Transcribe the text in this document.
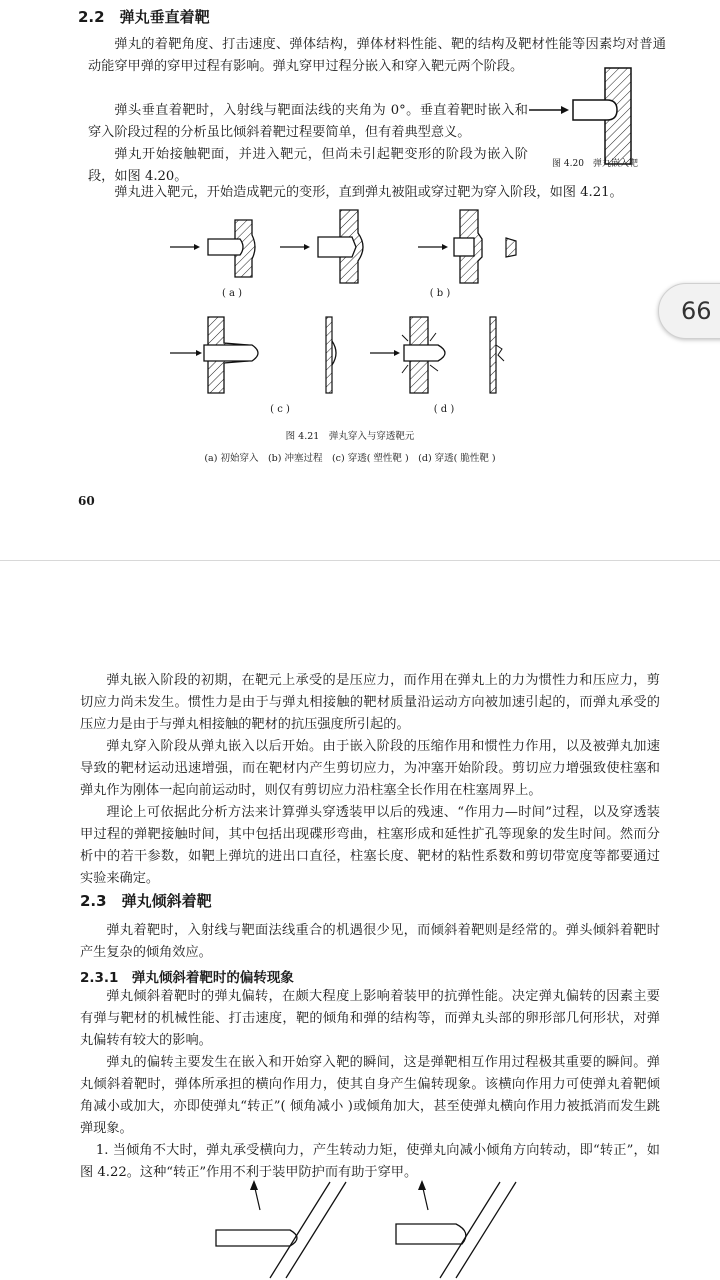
2.2　弹丸垂直着靶

弹丸的着靶角度、打击速度、弹体结构，弹体材料性能、靶的结构及靶材性能等因素均对普通动能穿甲弹的穿甲过程有影响。弹丸穿甲过程分嵌入和穿入靶元两个阶段。

弹头垂直着靶时，入射线与靶面法线的夹角为 0°。垂直着靶时嵌入和穿入阶段过程的分析虽比倾斜着靶过程要简单，但有着典型意义。

弹丸开始接触靶面，并进入靶元，但尚未引起靶变形的阶段为嵌入阶段，如图 4.20。

弹丸进入靶元，开始造成靶元的变形，直到弹丸被阻或穿过靶为穿入阶段，如图 4.21。

图 4.20　弹丸嵌入靶
( a )	( b )
( c )	( d )
图 4.21　弹丸穿入与穿透靶元
(a) 初始穿入　(b) 冲塞过程　(c) 穿透( 塑性靶 )　(d) 穿透( 脆性靶 )
60
66

弹丸嵌入阶段的初期，在靶元上承受的是压应力，而作用在弹丸上的力为惯性力和压应力，剪切应力尚未发生。惯性力是由于与弹丸相接触的靶材质量沿运动方向被加速引起的，而弹丸承受的压应力是由于与弹丸相接触的靶材的抗压强度所引起的。

弹丸穿入阶段从弹丸嵌入以后开始。由于嵌入阶段的压缩作用和惯性力作用，以及被弹丸加速导致的靶材运动迅速增强，而在靶材内产生剪切应力，为冲塞开始阶段。剪切应力增强致使柱塞和弹丸作为刚体一起向前运动时，则仅有剪切应力沿柱塞全长作用在柱塞周界上。

理论上可依据此分析方法来计算弹头穿透装甲以后的残速、“作用力—时间”过程，以及穿透装甲过程的弹靶接触时间，其中包括出现碟形弯曲，柱塞形成和延性扩孔等现象的发生时间。然而分析中的若干参数，如靶上弹坑的进出口直径，柱塞长度、靶材的粘性系数和剪切带宽度等都要通过实验来确定。

2.3　弹丸倾斜着靶

弹丸着靶时，入射线与靶面法线重合的机遇很少见，而倾斜着靶则是经常的。弹头倾斜着靶时产生复杂的倾角效应。

2.3.1　弹丸倾斜着靶时的偏转现象

弹丸倾斜着靶时的弹丸偏转，在颇大程度上影响着装甲的抗弹性能。决定弹丸偏转的因素主要有弹与靶材的机械性能、打击速度，靶的倾角和弹的结构等，而弹丸头部的卵形部几何形状，对弹丸偏转有较大的影响。

弹丸的偏转主要发生在嵌入和开始穿入靶的瞬间，这是弹靶相互作用过程极其重要的瞬间。弹丸倾斜着靶时，弹体所承担的横向作用力，使其自身产生偏转现象。该横向作用力可使弹丸着靶倾角减小或加大，亦即使弹丸“转正”( 倾角减小 )或倾角加大，甚至使弹丸横向作用力被抵消而发生跳弹现象。

1. 当倾角不大时，弹丸承受横向力，产生转动力矩，使弹丸向减小倾角方向转动，即“转正”，如图 4.22。这种“转正”作用不利于装甲防护而有助于穿甲。
